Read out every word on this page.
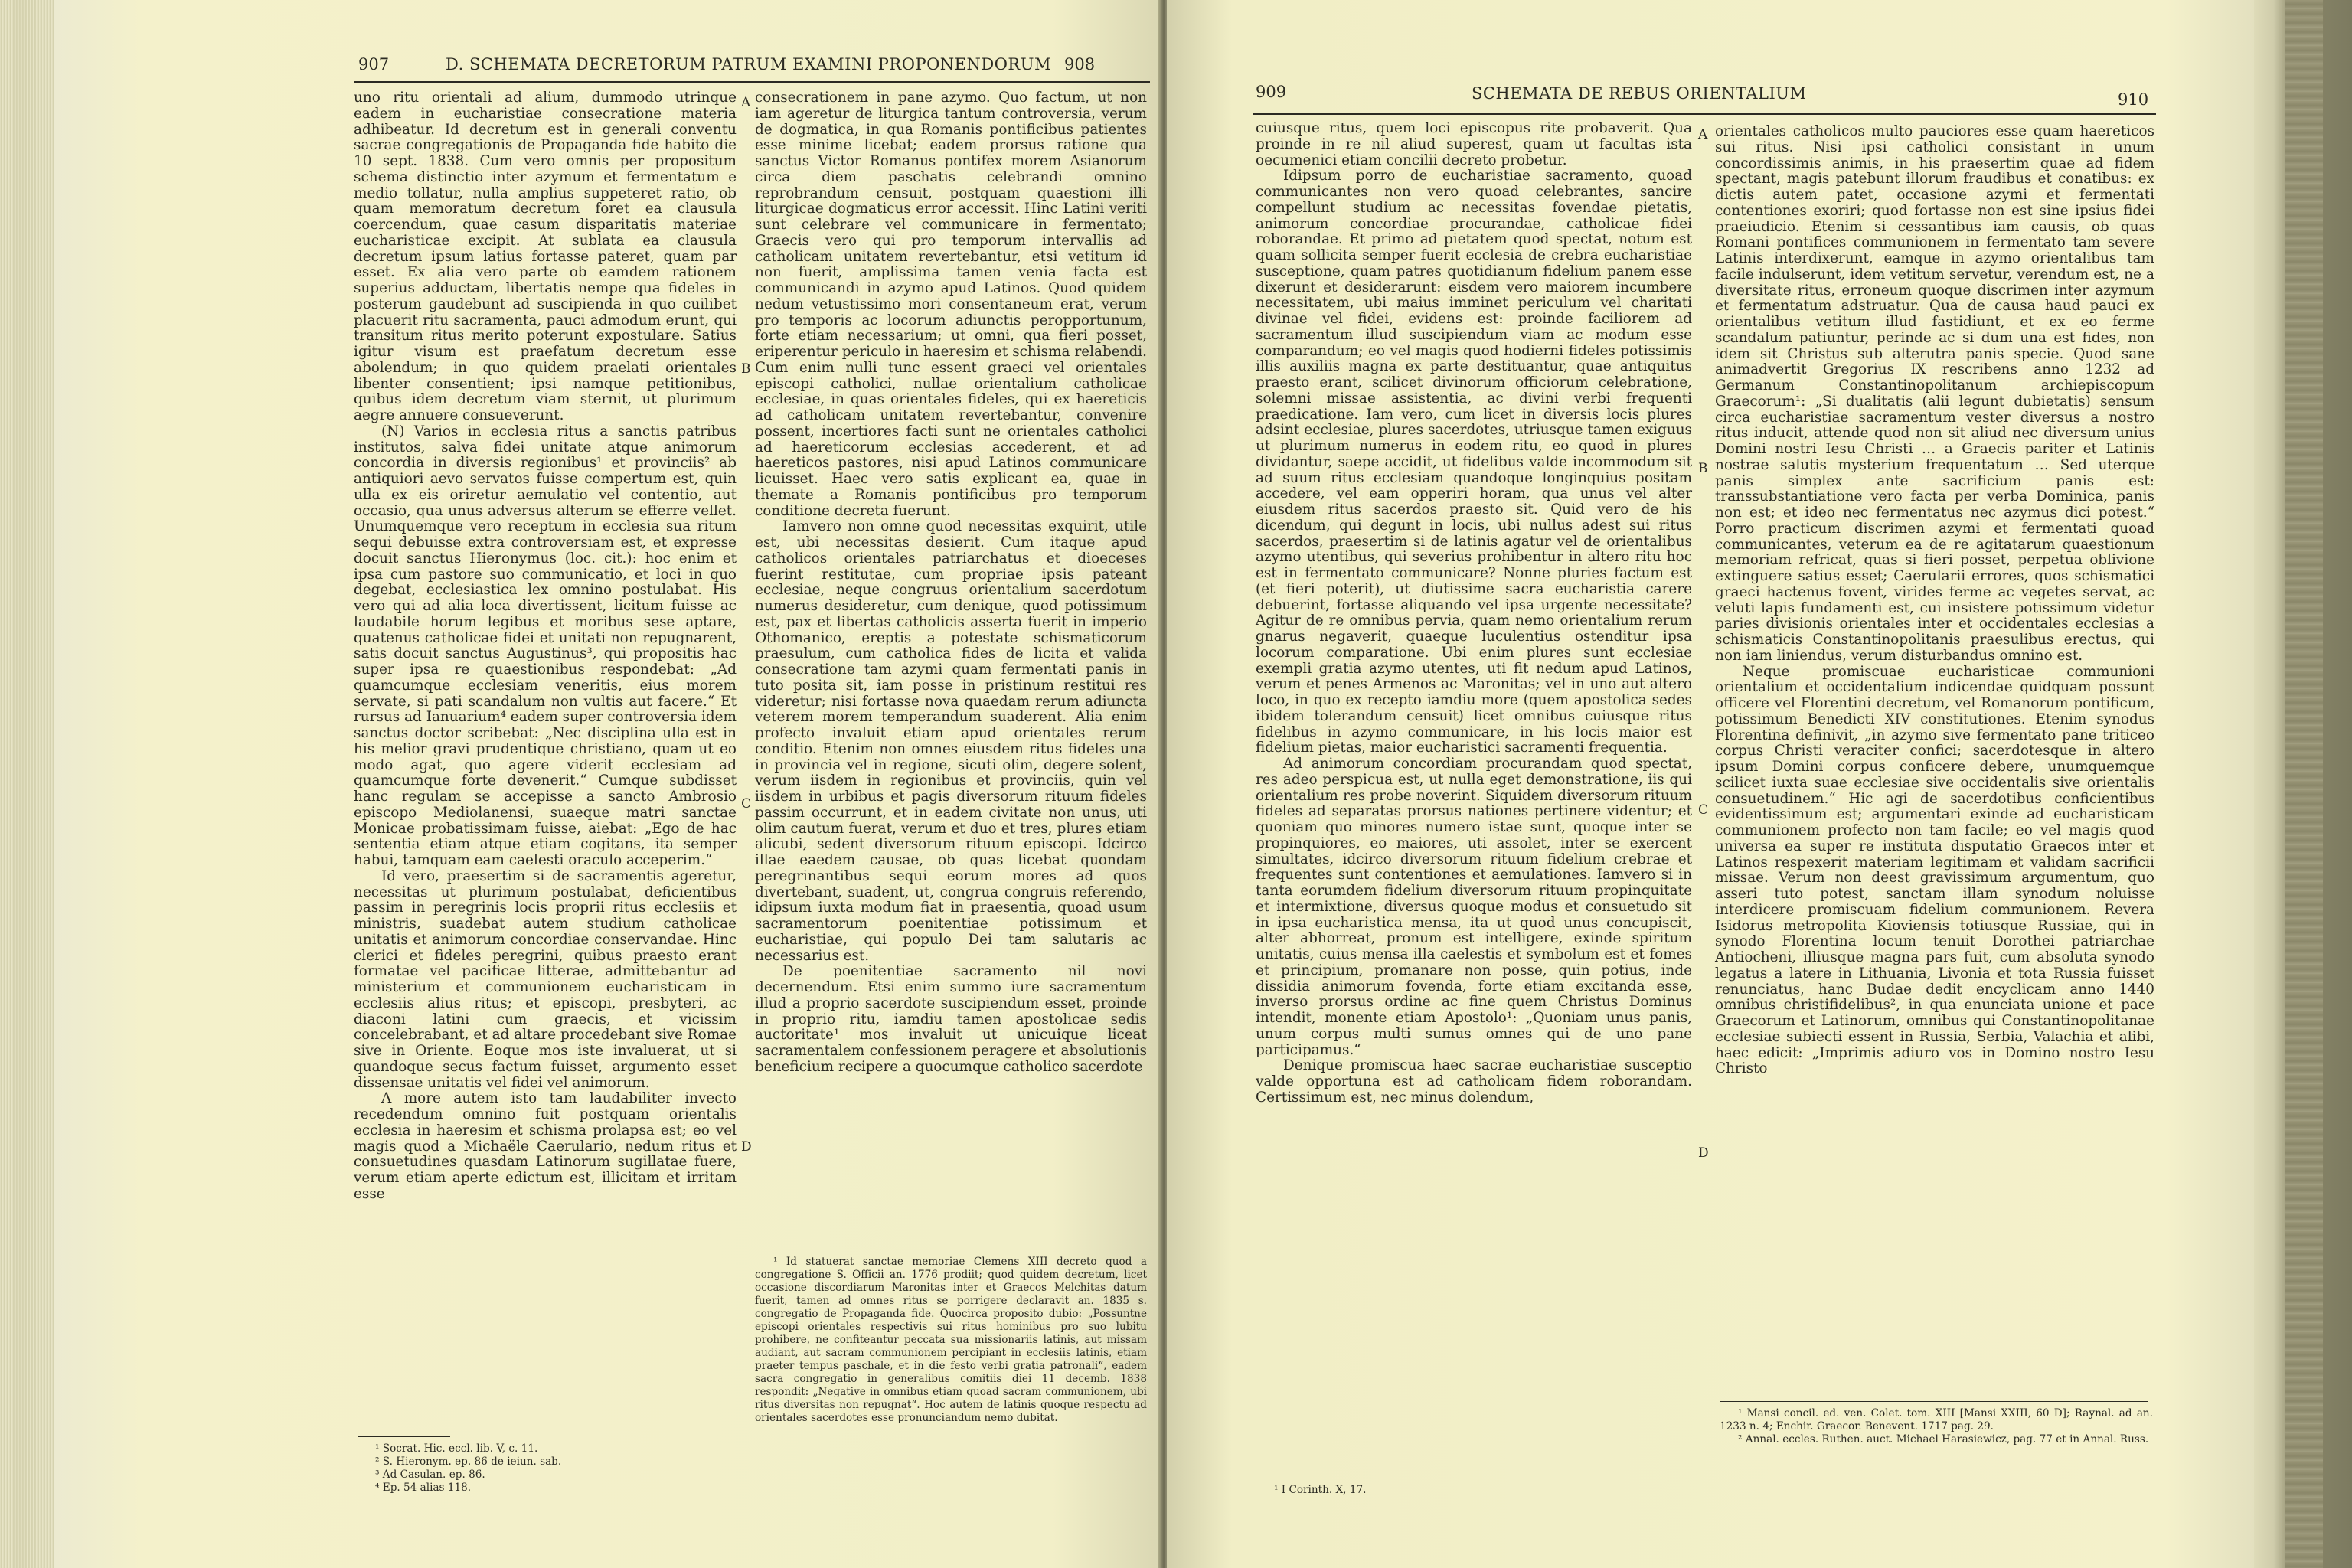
907	D. SCHEMATA DECRETORUM PATRUM EXAMINI PROPONENDORUM 908

uno ritu orientali ad alium, dummodo utrinque eadem in eucharistiae consecratione materia adhibeatur. Id decretum est in generali conventu sacrae congregationis de Propaganda fide habito die 10 sept. 1838. Cum vero omnis per propositum schema distinctio inter azymum et fermentatum e medio tollatur, nulla amplius suppeteret ratio, ob quam memoratum decretum foret ea clausula coercendum, quae casum disparitatis materiae eucharisticae excipit. At sublata ea clausula decretum ipsum latius fortasse pateret, quam par esset. Ex alia vero parte ob eamdem rationem superius adductam, libertatis nempe qua fideles in posterum gaudebunt ad suscipienda in quo cuilibet placuerit ritu sacramenta, pauci admodum erunt, qui transitum ritus merito poterunt expostulare. Satius igitur visum est praefatum decretum esse abolendum; in quo quidem praelati orientales libenter consentient; ipsi namque petitionibus, quibus idem decretum viam sternit, ut plurimum aegre annuere consueverunt.

(N) Varios in ecclesia ritus a sanctis patribus institutos, salva fidei unitate atque animorum concordia in diversis regionibus¹ et provinciis² ab antiquiori aevo servatos fuisse compertum est, quin ulla ex eis oriretur aemulatio vel contentio, aut occasio, qua unus adversus alterum se efferre vellet. Unumquemque vero receptum in ecclesia sua ritum sequi debuisse extra controversiam est, et expresse docuit sanctus Hieronymus (loc. cit.): hoc enim et ipsa cum pastore suo communicatio, et loci in quo degebat, ecclesiastica lex omnino postulabat. His vero qui ad alia loca divertissent, licitum fuisse ac laudabile horum legibus et moribus sese aptare, quatenus catholicae fidei et unitati non repugnarent, satis docuit sanctus Augustinus³, qui propositis hac super ipsa re quaestionibus respondebat: „Ad quamcumque ecclesiam veneritis, eius morem servate, si pati scandalum non vultis aut facere.“ Et rursus ad Ianuarium⁴ eadem super controversia idem sanctus doctor scribebat: „Nec disciplina ulla est in his melior gravi prudentique christiano, quam ut eo modo agat, quo agere viderit ecclesiam ad quamcumque forte devenerit.“ Cumque subdisset hanc regulam se accepisse a sancto Ambrosio episcopo Mediolanensi, suaeque matri sanctae Monicae probatissimam fuisse, aiebat: „Ego de hac sententia etiam atque etiam cogitans, ita semper habui, tamquam eam caelesti oraculo acceperim.“

Id vero, praesertim si de sacramentis ageretur, necessitas ut plurimum postulabat, deficientibus passim in peregrinis locis proprii ritus ecclesiis et ministris, suadebat autem studium catholicae unitatis et animorum concordiae conservandae. Hinc clerici et fideles peregrini, quibus praesto erant formatae vel pacificae litterae, admittebantur ad ministerium et communionem eucharisticam in ecclesiis alius ritus; et episcopi, presbyteri, ac diaconi latini cum graecis, et vicissim concelebrabant, et ad altare procedebant sive Romae sive in Oriente. Eoque mos iste invaluerat, ut si quandoque secus factum fuisset, argumento esset dissensae unitatis vel fidei vel animorum.

A more autem isto tam laudabiliter invecto recedendum omnino fuit postquam orientalis ecclesia in haeresim et schisma prolapsa est; eo vel magis quod a Michaële Caerulario, nedum ritus et consuetudines quasdam Latinorum sugillatae fuere, verum etiam aperte edictum est, illicitam et irritam esse

¹ Socrat. Hic. eccl. lib. V, c. 11.

² S. Hieronym. ep. 86 de ieiun. sab.

³ Ad Casulan. ep. 86.

⁴ Ep. 54 alias 118.

A
B
C
D

consecrationem in pane azymo. Quo factum, ut non iam ageretur de liturgica tantum controversia, verum de dogmatica, in qua Romanis pontificibus patientes esse minime licebat; eadem prorsus ratione qua sanctus Victor Romanus pontifex morem Asianorum circa diem paschatis celebrandi omnino reprobrandum censuit, postquam quaestioni illi liturgicae dogmaticus error accessit. Hinc Latini veriti sunt celebrare vel communicare in fermentato; Graecis vero qui pro temporum intervallis ad catholicam unitatem revertebantur, etsi vetitum id non fuerit, amplissima tamen venia facta est communicandi in azymo apud Latinos. Quod quidem nedum vetustissimo mori consentaneum erat, verum pro temporis ac locorum adiunctis peropportunum, forte etiam necessarium; ut omni, qua fieri posset, eriperentur periculo in haeresim et schisma relabendi. Cum enim nulli tunc essent graeci vel orientales episcopi catholici, nullae orientalium catholicae ecclesiae, in quas orientales fideles, qui ex haereticis ad catholicam unitatem revertebantur, convenire possent, incertiores facti sunt ne orientales catholici ad haereticorum ecclesias accederent, et ad haereticos pastores, nisi apud Latinos communicare licuisset. Haec vero satis explicant ea, quae in themate a Romanis pontificibus pro temporum conditione decreta fuerunt.

Iamvero non omne quod necessitas exquirit, utile est, ubi necessitas desierit. Cum itaque apud catholicos orientales patriarchatus et dioeceses fuerint restitutae, cum propriae ipsis pateant ecclesiae, neque congruus orientalium sacerdotum numerus desideretur, cum denique, quod potissimum est, pax et libertas catholicis asserta fuerit in imperio Othomanico, ereptis a potestate schismaticorum praesulum, cum catholica fides de licita et valida consecratione tam azymi quam fermentati panis in tuto posita sit, iam posse in pristinum restitui res videretur; nisi fortasse nova quaedam rerum adiuncta veterem morem temperandum suaderent. Alia enim profecto invaluit etiam apud orientales rerum conditio. Etenim non omnes eiusdem ritus fideles una in provincia vel in regione, sicuti olim, degere solent, verum iisdem in regionibus et provinciis, quin vel iisdem in urbibus et pagis diversorum rituum fideles passim occurrunt, et in eadem civitate non unus, uti olim cautum fuerat, verum et duo et tres, plures etiam alicubi, sedent diversorum rituum episcopi. Idcirco illae eaedem causae, ob quas licebat quondam peregrinantibus sequi eorum mores ad quos divertebant, suadent, ut, congrua congruis referendo, idipsum iuxta modum fiat in praesentia, quoad usum sacramentorum poenitentiae potissimum et eucharistiae, qui populo Dei tam salutaris ac necessarius est.

De poenitentiae sacramento nil novi decernendum. Etsi enim summo iure sacramentum illud a proprio sacerdote suscipiendum esset, proinde in proprio ritu, iamdiu tamen apostolicae sedis auctoritate¹ mos invaluit ut unicuique liceat sacramentalem confessionem peragere et absolutionis beneficium recipere a quocumque catholico sacerdote

¹ Id statuerat sanctae memoriae Clemens XIII decreto quod a congregatione S. Officii an. 1776 prodiit; quod quidem decretum, licet occasione discordiarum Maronitas inter et Graecos Melchitas datum fuerit, tamen ad omnes ritus se porrigere declaravit an. 1835 s. congregatio de Propaganda fide. Quocirca proposito dubio: „Possuntne episcopi orientales respectivis sui ritus hominibus pro suo lubitu prohibere, ne confiteantur peccata sua missionariis latinis, aut missam audiant, aut sacram communionem percipiant in ecclesiis latinis, etiam praeter tempus paschale, et in die festo verbi gratia patronali“, eadem sacra congregatio in generalibus comitiis diei 11 decemb. 1838 respondit: „Negative in omnibus etiam quoad sacram communionem, ubi ritus diversitas non repugnat“. Hoc autem de latinis quoque respectu ad orientales sacerdotes esse pronunciandum nemo dubitat.

909	SCHEMATA DE REBUS ORIENTALIUM	910

cuiusque ritus, quem loci episcopus rite probaverit. Qua proinde in re nil aliud superest, quam ut facultas ista oecumenici etiam concilii decreto probetur.

Idipsum porro de eucharistiae sacramento, quoad communicantes non vero quoad celebrantes, sancire compellunt studium ac necessitas fovendae pietatis, animorum concordiae procurandae, catholicae fidei roborandae. Et primo ad pietatem quod spectat, notum est quam sollicita semper fuerit ecclesia de crebra eucharistiae susceptione, quam patres quotidianum fidelium panem esse dixerunt et desiderarunt: eisdem vero maiorem incumbere necessitatem, ubi maius imminet periculum vel charitati divinae vel fidei, evidens est: proinde faciliorem ad sacramentum illud suscipiendum viam ac modum esse comparandum; eo vel magis quod hodierni fideles potissimis illis auxiliis magna ex parte destituantur, quae antiquitus praesto erant, scilicet divinorum officiorum celebratione, solemni missae assistentia, ac divini verbi frequenti praedicatione. Iam vero, cum licet in diversis locis plures adsint ecclesiae, plures sacerdotes, utriusque tamen exiguus ut plurimum numerus in eodem ritu, eo quod in plures dividantur, saepe accidit, ut fidelibus valde incommodum sit ad suum ritus ecclesiam quandoque longinquius positam accedere, vel eam opperiri horam, qua unus vel alter eiusdem ritus sacerdos praesto sit. Quid vero de his dicendum, qui degunt in locis, ubi nullus adest sui ritus sacerdos, praesertim si de latinis agatur vel de orientalibus azymo utentibus, qui severius prohibentur in altero ritu hoc est in fermentato communicare? Nonne pluries factum est (et fieri poterit), ut diutissime sacra eucharistia carere debuerint, fortasse aliquando vel ipsa urgente necessitate? Agitur de re omnibus pervia, quam nemo orientalium rerum gnarus negaverit, quaeque luculentius ostenditur ipsa locorum comparatione. Ubi enim plures sunt ecclesiae exempli gratia azymo utentes, uti fit nedum apud Latinos, verum et penes Armenos ac Maronitas; vel in uno aut altero loco, in quo ex recepto iamdiu more (quem apostolica sedes ibidem tolerandum censuit) licet omnibus cuiusque ritus fidelibus in azymo communicare, in his locis maior est fidelium pietas, maior eucharistici sacramenti frequentia.

Ad animorum concordiam procurandam quod spectat, res adeo perspicua est, ut nulla eget demonstratione, iis qui orientalium res probe noverint. Siquidem diversorum rituum fideles ad separatas prorsus nationes pertinere videntur; et quoniam quo minores numero istae sunt, quoque inter se propinquiores, eo maiores, uti assolet, inter se exercent simultates, idcirco diversorum rituum fidelium crebrae et frequentes sunt contentiones et aemulationes. Iamvero si in tanta eorumdem fidelium diversorum rituum propinquitate et intermixtione, diversus quoque modus et consuetudo sit in ipsa eucharistica mensa, ita ut quod unus concupiscit, alter abhorreat, pronum est intelligere, exinde spiritum unitatis, cuius mensa illa caelestis et symbolum est et fomes et principium, promanare non posse, quin potius, inde dissidia animorum fovenda, forte etiam excitanda esse, inverso prorsus ordine ac fine quem Christus Dominus intendit, monente etiam Apostolo¹: „Quoniam unus panis, unum corpus multi sumus omnes qui de uno pane participamus.“

Denique promiscua haec sacrae eucharistiae susceptio valde opportuna est ad catholicam fidem roborandam. Certissimum est, nec minus dolendum,

¹ I Corinth. X, 17.

A
B
C
D

orientales catholicos multo pauciores esse quam haereticos sui ritus. Nisi ipsi catholici consistant in unum concordissimis animis, in his praesertim quae ad fidem spectant, magis patebunt illorum fraudibus et conatibus: ex dictis autem patet, occasione azymi et fermentati contentiones exoriri; quod fortasse non est sine ipsius fidei praeiudicio. Etenim si cessantibus iam causis, ob quas Romani pontifices communionem in fermentato tam severe Latinis interdixerunt, eamque in azymo orientalibus tam facile indulserunt, idem vetitum servetur, verendum est, ne a diversitate ritus, erroneum quoque discrimen inter azymum et fermentatum adstruatur. Qua de causa haud pauci ex orientalibus vetitum illud fastidiunt, et ex eo ferme scandalum patiuntur, perinde ac si dum una est fides, non idem sit Christus sub alterutra panis specie. Quod sane animadvertit Gregorius IX rescribens anno 1232 ad Germanum Constantinopolitanum archiepiscopum Graecorum¹: „Si dualitatis (alii legunt dubietatis) sensum circa eucharistiae sacramentum vester diversus a nostro ritus inducit, attende quod non sit aliud nec diversum unius Domini nostri Iesu Christi … a Graecis pariter et Latinis nostrae salutis mysterium frequentatum … Sed uterque panis simplex ante sacrificium panis est: transsubstantiatione vero facta per verba Dominica, panis non est; et ideo nec fermentatus nec azymus dici potest.“ Porro practicum discrimen azymi et fermentati quoad communicantes, veterum ea de re agitatarum quaestionum memoriam refricat, quas si fieri posset, perpetua oblivione extinguere satius esset; Caerularii errores, quos schismatici graeci hactenus fovent, virides ferme ac vegetes servat, ac veluti lapis fundamenti est, cui insistere potissimum videtur paries divisionis orientales inter et occidentales ecclesias a schismaticis Constantinopolitanis praesulibus erectus, qui non iam liniendus, verum disturbandus omnino est.

Neque promiscuae eucharisticae communioni orientalium et occidentalium indicendae quidquam possunt officere vel Florentini decretum, vel Romanorum pontificum, potissimum Benedicti XIV constitutiones. Etenim synodus Florentina definivit, „in azymo sive fermentato pane triticeo corpus Christi veraciter confici; sacerdotesque in altero ipsum Domini corpus conficere debere, unumquemque scilicet iuxta suae ecclesiae sive occidentalis sive orientalis consuetudinem.“ Hic agi de sacerdotibus conficientibus evidentissimum est; argumentari exinde ad eucharisticam communionem profecto non tam facile; eo vel magis quod universa ea super re instituta disputatio Graecos inter et Latinos respexerit materiam legitimam et validam sacrificii missae. Verum non deest gravissimum argumentum, quo asseri tuto potest, sanctam illam synodum noluisse interdicere promiscuam fidelium communionem. Revera Isidorus metropolita Kioviensis totiusque Russiae, qui in synodo Florentina locum tenuit Dorothei patriarchae Antiocheni, illiusque magna pars fuit, cum absoluta synodo legatus a latere in Lithuania, Livonia et tota Russia fuisset renunciatus, hanc Budae dedit encyclicam anno 1440 omnibus christifidelibus², in qua enunciata unione et pace Graecorum et Latinorum, omnibus qui Constantinopolitanae ecclesiae subiecti essent in Russia, Serbia, Valachia et alibi, haec edicit: „Imprimis adiuro vos in Domino nostro Iesu Christo

¹ Mansi concil. ed. ven. Colet. tom. XIII [Mansi XXIII, 60 D]; Raynal. ad an. 1233 n. 4; Enchir. Graecor. Benevent. 1717 pag. 29.

² Annal. eccles. Ruthen. auct. Michael Harasiewicz, pag. 77 et in Annal. Russ.
